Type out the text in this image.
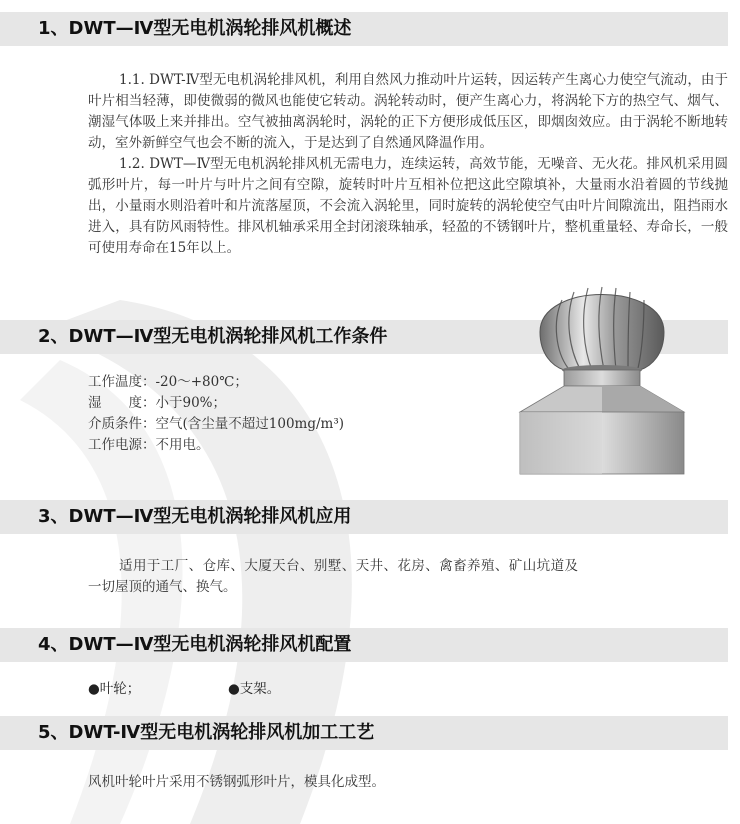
1、DWT—Ⅳ型无电机涡轮排风机概述

1.1. DWT-Ⅳ型无电机涡轮排风机，利用自然风力推动叶片运转，因运转产生离心力使空气流动，由于叶片相当轻薄，即使微弱的微风也能使它转动。涡轮转动时，便产生离心力，将涡轮下方的热空气、烟气、潮湿气体吸上来并排出。空气被抽离涡轮时，涡轮的正下方便形成低压区，即烟囱效应。由于涡轮不断地转动，室外新鲜空气也会不断的流入，于是达到了自然通风降温作用。

1.2. DWT—Ⅳ型无电机涡轮排风机无需电力，连续运转，高效节能，无噪音、无火花。排风机采用圆弧形叶片，每一叶片与叶片之间有空隙，旋转时叶片互相补位把这此空隙填补，大量雨水沿着圆的节线抛出，小量雨水则沿着叶和片流落屋顶，不会流入涡轮里，同时旋转的涡轮使空气由叶片间隙流出，阻挡雨水进入，具有防风雨特性。排风机轴承采用全封闭滚珠轴承，轻盈的不锈钢叶片，整机重量轻、寿命长，一般可使用寿命在15年以上。

2、DWT—Ⅳ型无电机涡轮排风机工作条件
工作温度：-20～+80℃；
湿　　度：小于90%；
介质条件：空气(含尘量不超过100mg/m³)
工作电源：不用电。
3、DWT—Ⅳ型无电机涡轮排风机应用

适用于工厂、仓库、大厦天台、别墅、天井、花房、禽畜养殖、矿山坑道及一切屋顶的通气、换气。

4、DWT—Ⅳ型无电机涡轮排风机配置
●叶轮；	●支架。
5、DWT-Ⅳ型无电机涡轮排风机加工工艺

风机叶轮叶片采用不锈钢弧形叶片，模具化成型。
